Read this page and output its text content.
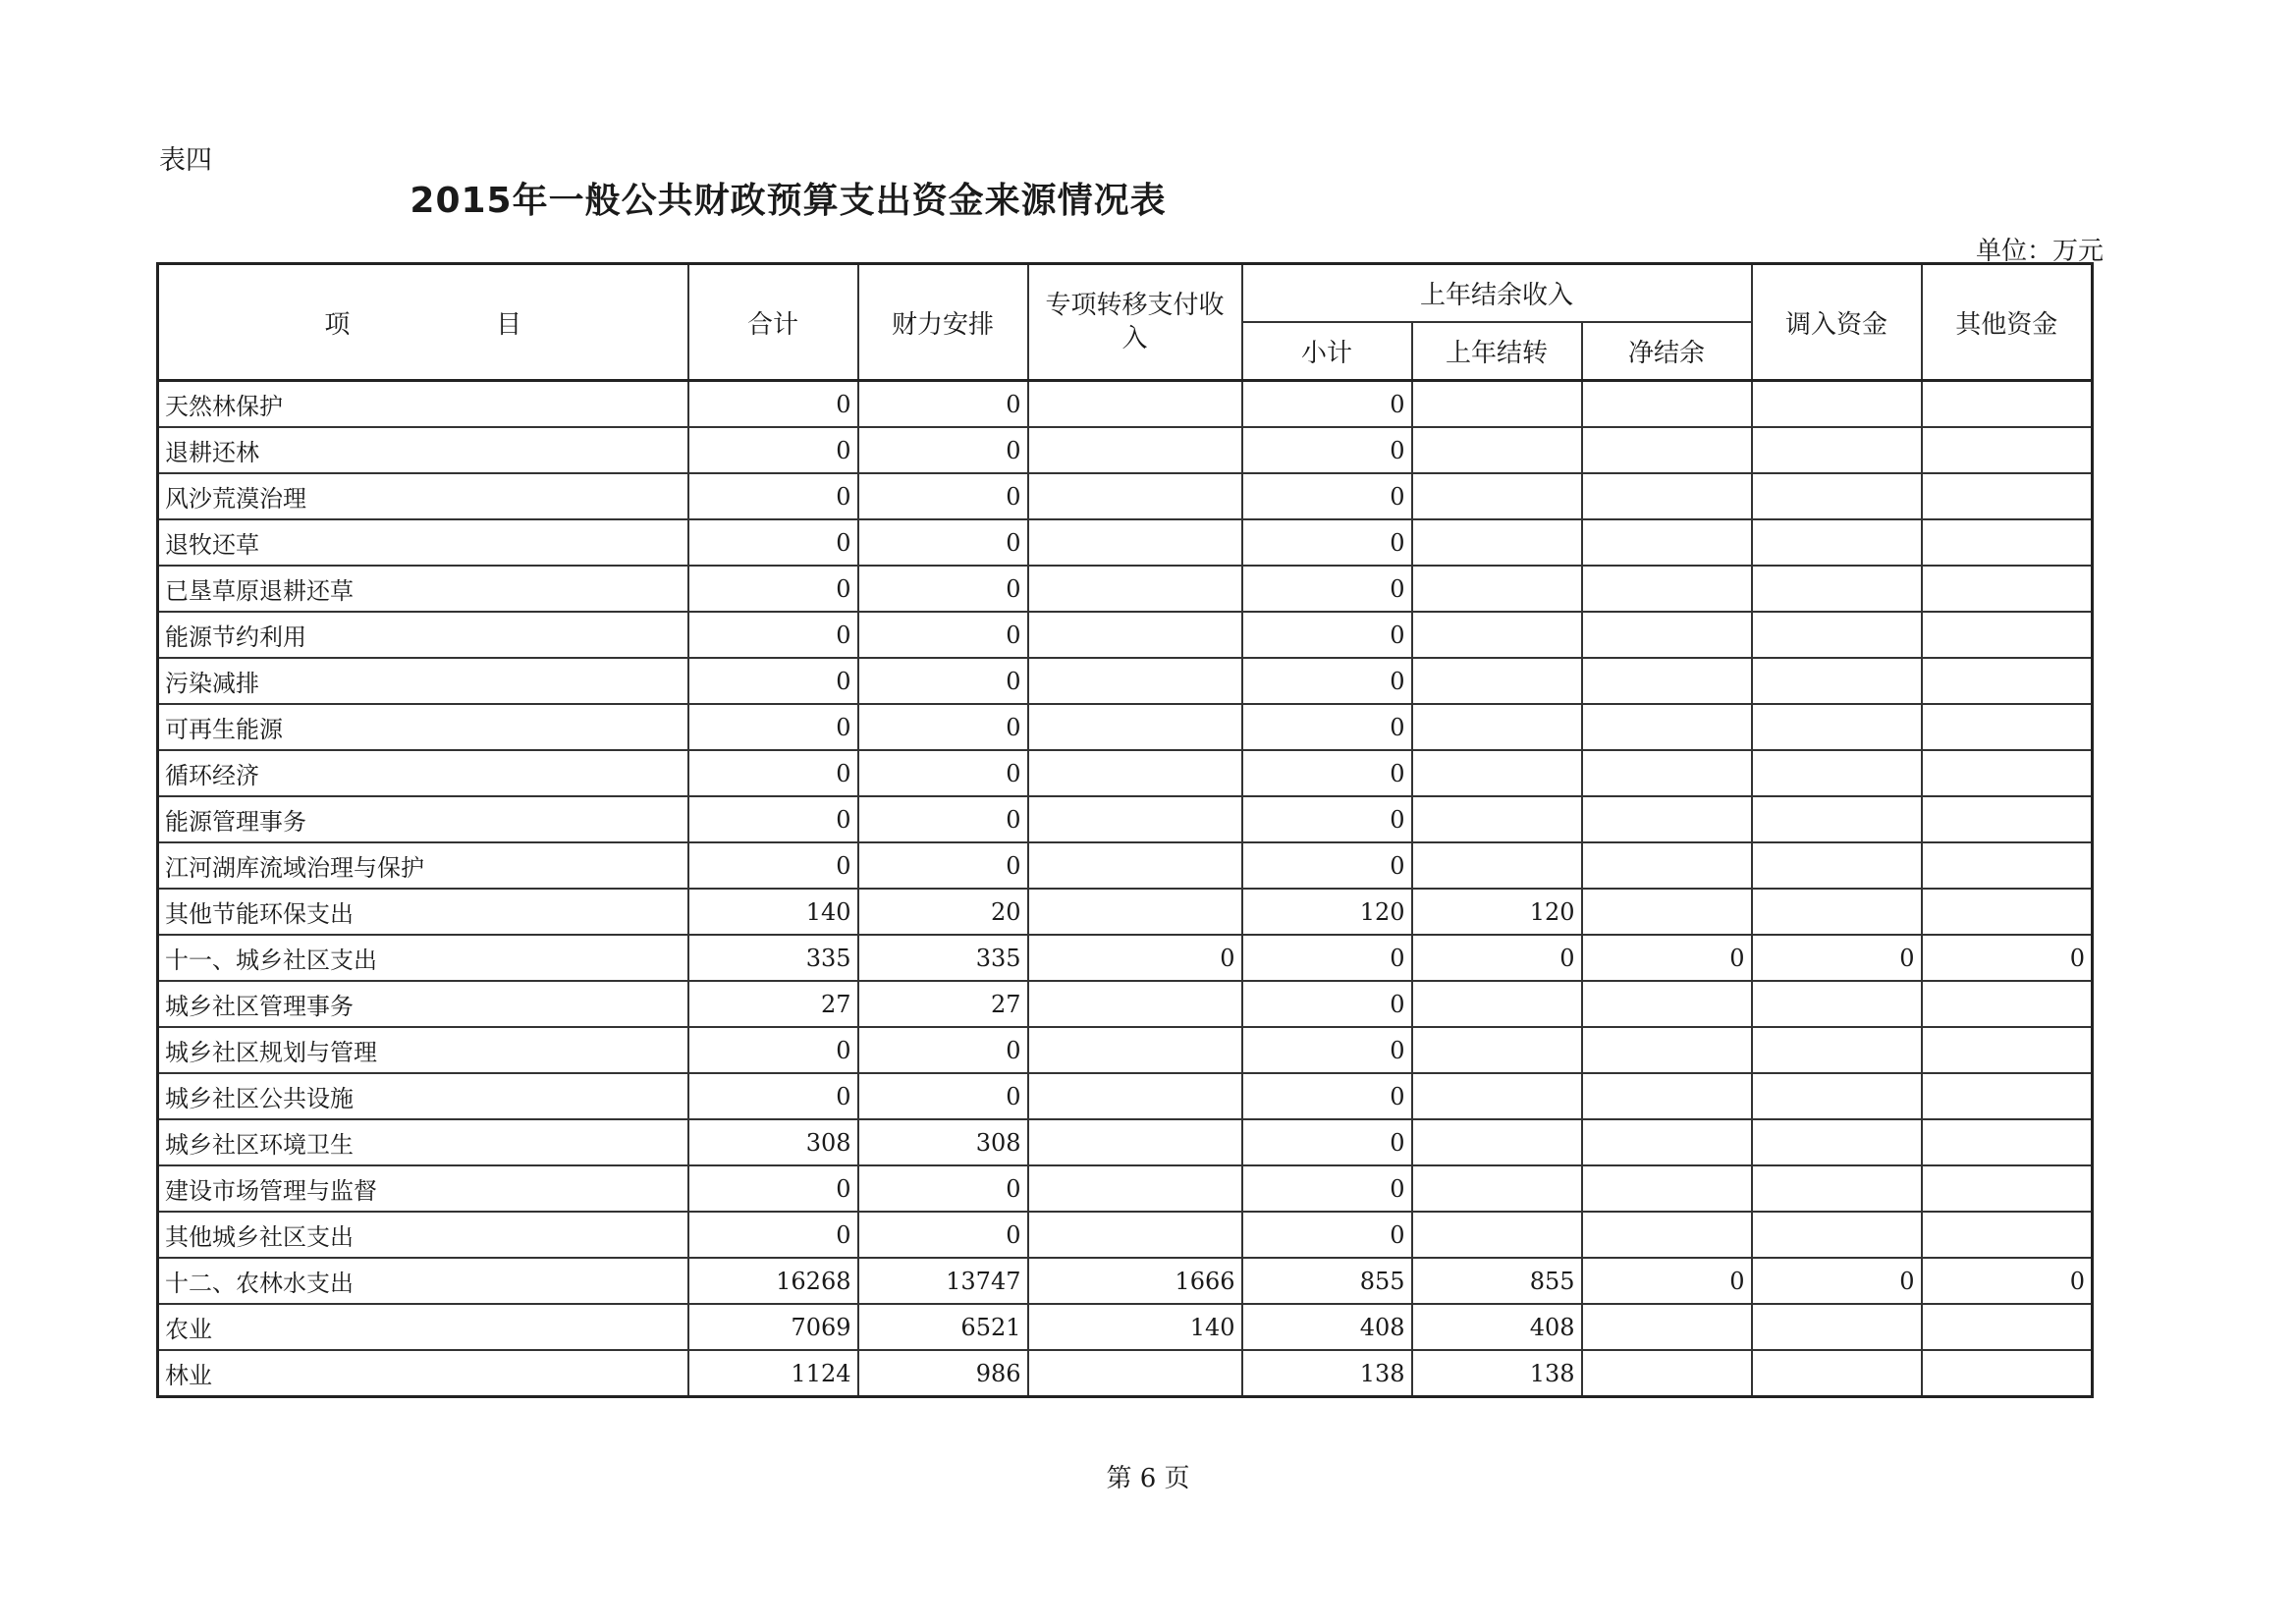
表四
2015年一般公共财政预算支出资金来源情况表
单位：万元
项                  目	合计	财力安排	专项转移支付收入	上年结余收入			调入资金	其他资金
				小计	上年结转	净结余		
天然林保护	0	0		0				
退耕还林	0	0		0				
风沙荒漠治理	0	0		0				
退牧还草	0	0		0				
已垦草原退耕还草	0	0		0				
能源节约利用	0	0		0				
污染减排	0	0		0				
可再生能源	0	0		0				
循环经济	0	0		0				
能源管理事务	0	0		0				
江河湖库流域治理与保护	0	0		0				
其他节能环保支出	140	20		120	120			
十一、城乡社区支出	335	335	0	0	0	0	0	0
城乡社区管理事务	27	27		0				
城乡社区规划与管理	0	0		0				
城乡社区公共设施	0	0		0				
城乡社区环境卫生	308	308		0				
建设市场管理与监督	0	0		0				
其他城乡社区支出	0	0		0				
十二、农林水支出	16268	13747	1666	855	855	0	0	0
农业	7069	6521	140	408	408			
林业	1124	986		138	138			
第 6 页
